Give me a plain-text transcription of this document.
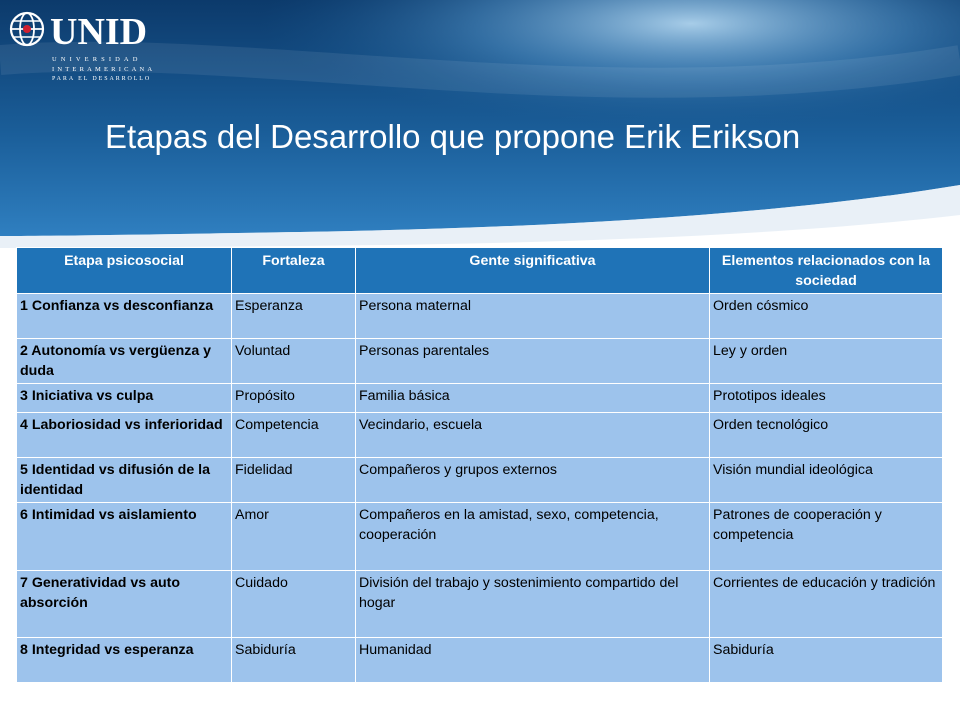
UNID
UNIVERSIDAD
INTERAMERICANA
PARA EL DESARROLLO
Etapas del Desarrollo que propone Erik Erikson
Etapa psicosocial	Fortaleza	Gente significativa	Elementos relacionados con la sociedad
1 Confianza vs desconfianza	Esperanza	Persona maternal	Orden cósmico
2 Autonomía vs vergüenza y duda	Voluntad	Personas parentales	Ley y orden
3 Iniciativa vs culpa	Propósito	Familia básica	Prototipos ideales
4 Laboriosidad vs inferioridad	Competencia	Vecindario, escuela	Orden tecnológico
5 Identidad vs difusión de la identidad	Fidelidad	Compañeros y grupos externos	Visión mundial ideológica
6 Intimidad vs aislamiento	Amor	Compañeros en la amistad, sexo, competencia, cooperación	Patrones de cooperación y competencia
7 Generatividad vs auto absorción	Cuidado	División del trabajo y sostenimiento compartido del hogar	Corrientes de educación y tradición
8 Integridad vs esperanza	Sabiduría	Humanidad	Sabiduría
